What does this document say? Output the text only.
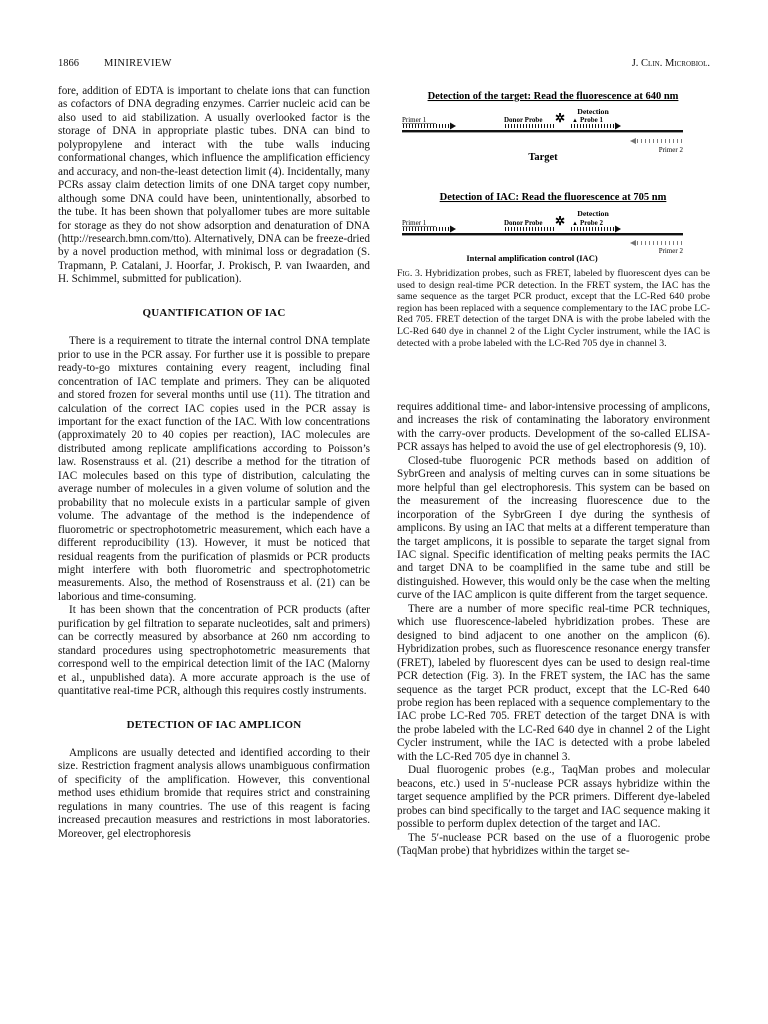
1866 MINIREVIEW	J. Clin. Microbiol.

fore, addition of EDTA is important to chelate ions that can function as cofactors of DNA degrading enzymes. Carrier nucleic acid can be also used to aid stabilization. A usually overlooked factor is the storage of DNA in appropriate plastic tubes. DNA can bind to polypropylene and interact with the tube walls inducing conformational changes, which influence the amplification efficiency and accuracy, and non-the-least detection limit (4). Incidentally, many PCRs assay claim detection limits of one DNA target copy number, although some DNA could have been, unintentionally, absorbed to the tube. It has been shown that polyallomer tubes are more suitable for storage as they do not show adsorption and denaturation of DNA (http://research.bmn.com/tto). Alternatively, DNA can be freeze-dried by a novel production method, with minimal loss or degradation (S. Trapmann, P. Catalani, J. Hoorfar, J. Prokisch, P. van Iwaarden, and H. Schimmel, submitted for publication).

QUANTIFICATION OF IAC

There is a requirement to titrate the internal control DNA template prior to use in the PCR assay. For further use it is possible to prepare ready-to-go mixtures containing every reagent, including final concentration of IAC template and primers. They can be aliquoted and stored frozen for several months until use (11). The titration and calculation of the correct IAC copies used in the PCR assay is important for the exact function of the IAC. With low concentrations (approximately 20 to 40 copies per reaction), IAC molecules are distributed among replicate amplifications according to Poisson’s law. Rosenstrauss et al. (21) describe a method for the titration of IAC molecules based on this type of distribution, calculating the average number of molecules in a given volume of solution and the probability that no molecule exists in a particular sample of given volume. The advantage of the method is the independence of fluorometric or spectrophotometric measurement, which each have a different reproducibility (13). However, it must be noticed that residual reagents from the purification of plasmids or PCR products might interfere with both fluorometric and spectrophotometric measurements. Also, the method of Rosenstrauss et al. (21) can be laborious and time-consuming.

It has been shown that the concentration of PCR products (after purification by gel filtration to separate nucleotides, salt and primers) can be correctly measured by absorbance at 260 nm according to standard procedures using spectrophotometric measurements that correspond well to the empirical detection limit of the IAC (Malorny et al., unpublished data). A more accurate approach is the use of quantitative real-time PCR, although this requires costly instruments.

DETECTION OF IAC AMPLICON

Amplicons are usually detected and identified according to their size. Restriction fragment analysis allows unambiguous confirmation of specificity of the amplification. However, this conventional method uses ethidium bromide that requires strict and constraining regulations in many countries. The use of this reagent is facing increased precaution measures and restrictions in most laboratories. Moreover, gel electrophoresis

Detection of the target: Read the fluorescence at 640 nm
Detection
Primer 1	Donor Probe ✲ ▲ Probe 1
Primer 2
Target
Detection of IAC: Read the fluorescence at 705 nm
Detection
Primer 1	Donor Probe ✲ ▲ Probe 2
Primer 2
Internal amplification control (IAC)
Fig. 3. Hybridization probes, such as FRET, labeled by fluorescent dyes can be used to design real-time PCR detection. In the FRET system, the IAC has the same sequence as the target PCR product, except that the LC-Red 640 probe region has been replaced with a sequence complementary to the IAC probe LC-Red 705. FRET detection of the target DNA is with the probe labeled with the LC-Red 640 dye in channel 2 of the Light Cycler instrument, while the IAC is detected with a probe labeled with the LC-Red 705 dye in channel 3.

requires additional time- and labor-intensive processing of amplicons, and increases the risk of contaminating the laboratory environment with the carry-over products. Development of the so-called ELISA-PCR assays has helped to avoid the use of gel electrophoresis (9, 10).

Closed-tube fluorogenic PCR methods based on addition of SybrGreen and analysis of melting curves can in some situations be more helpful than gel electrophoresis. This system can be based on the measurement of the increasing fluorescence due to the incorporation of the SybrGreen I dye during the synthesis of amplicons. By using an IAC that melts at a different temperature than the target amplicons, it is possible to separate the target signal from IAC signal. Specific identification of melting peaks permits the IAC and target DNA to be coamplified in the same tube and still be distinguished. However, this would only be the case when the melting curve of the IAC amplicon is quite different from the target sequence.

There are a number of more specific real-time PCR techniques, which use fluorescence-labeled hybridization probes. These are designed to bind adjacent to one another on the amplicon (6). Hybridization probes, such as fluorescence resonance energy transfer (FRET), labeled by fluorescent dyes can be used to design real-time PCR detection (Fig. 3). In the FRET system, the IAC has the same sequence as the target PCR product, except that the LC-Red 640 probe region has been replaced with a sequence complementary to the IAC probe LC-Red 705. FRET detection of the target DNA is with the probe labeled with the LC-Red 640 dye in channel 2 of the Light Cycler instrument, while the IAC is detected with a probe labeled with the LC-Red 705 dye in channel 3.

Dual fluorogenic probes (e.g., TaqMan probes and molecular beacons, etc.) used in 5′-nuclease PCR assays hybridize within the target sequence amplified by the PCR primers. Different dye-labeled probes can bind specifically to the target and IAC sequence making it possible to perform duplex detection of the target and IAC.

The 5′-nuclease PCR based on the use of a fluorogenic probe (TaqMan probe) that hybridizes within the target se-
